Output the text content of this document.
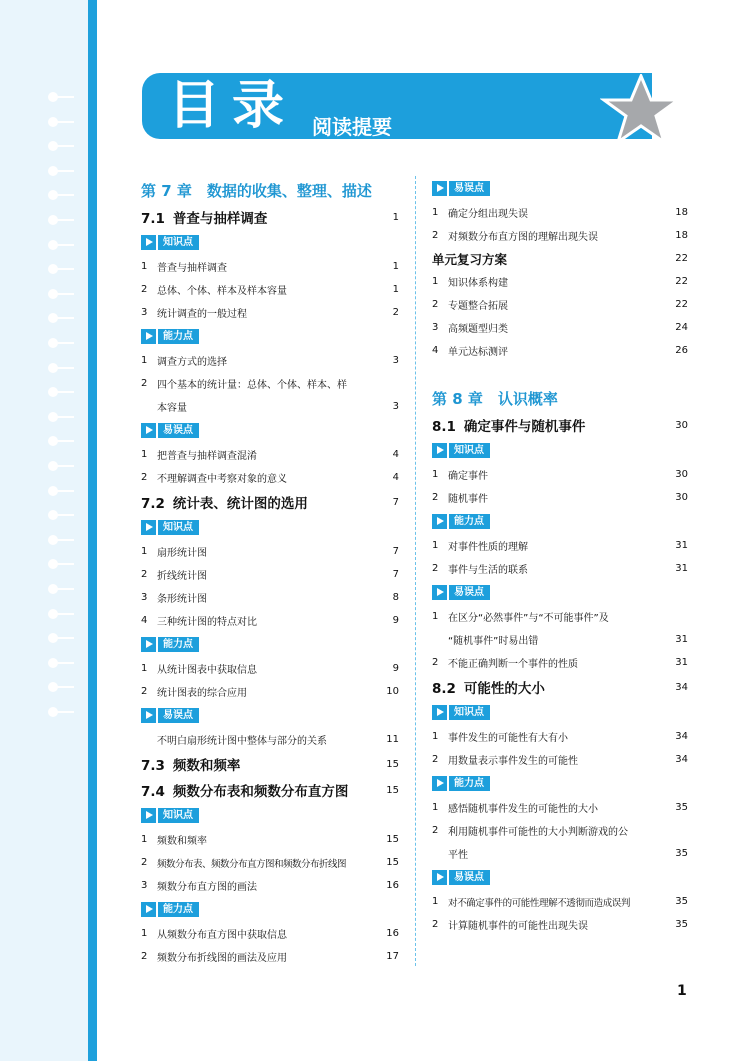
目录 阅读提要
第 7 章　数据的收集、整理、描述
7.1 普查与抽样调查	1
知识点
1 普查与抽样调查	1
2 总体、个体、样本及样本容量	1
3 统计调查的一般过程	2
能力点
1 调查方式的选择	3
2 四个基本的统计量：总体、个体、样本、样
本容量	3
易误点
1 把普查与抽样调查混淆	4
2 不理解调查中考察对象的意义	4
7.2 统计表、统计图的选用	7
知识点
1 扇形统计图	7
2 折线统计图	7
3 条形统计图	8
4 三种统计图的特点对比	9
能力点
1 从统计图表中获取信息	9
2 统计图表的综合应用	10
易误点
不明白扇形统计图中整体与部分的关系	11
7.3 频数和频率	15
7.4 频数分布表和频数分布直方图	15
知识点
1 频数和频率	15
2	频数分布表、频数分布直方图和频数分布折线图	15
3 频数分布直方图的画法	16
能力点
1 从频数分布直方图中获取信息	16
2 频数分布折线图的画法及应用	17
易误点
1 确定分组出现失误	18
2 对频数分布直方图的理解出现失误	18
单元复习方案	22
1 知识体系构建	22
2 专题整合拓展	22
3 高频题型归类	24
4 单元达标测评	26
第 8 章　认识概率
8.1 确定事件与随机事件	30
知识点
1 确定事件	30
2 随机事件	30
能力点
1 对事件性质的理解	31
2 事件与生活的联系	31
易误点
1 在区分“必然事件”与“不可能事件”及
“随机事件”时易出错	31
2 不能正确判断一个事件的性质	31
8.2 可能性的大小	34
知识点
1 事件发生的可能性有大有小	34
2 用数量表示事件发生的可能性	34
能力点
1 感悟随机事件发生的可能性的大小	35
2 利用随机事件可能性的大小判断游戏的公
平性	35
易误点
1	对不确定事件的可能性理解不透彻而造成误判	35
2 计算随机事件的可能性出现失误	35
1
